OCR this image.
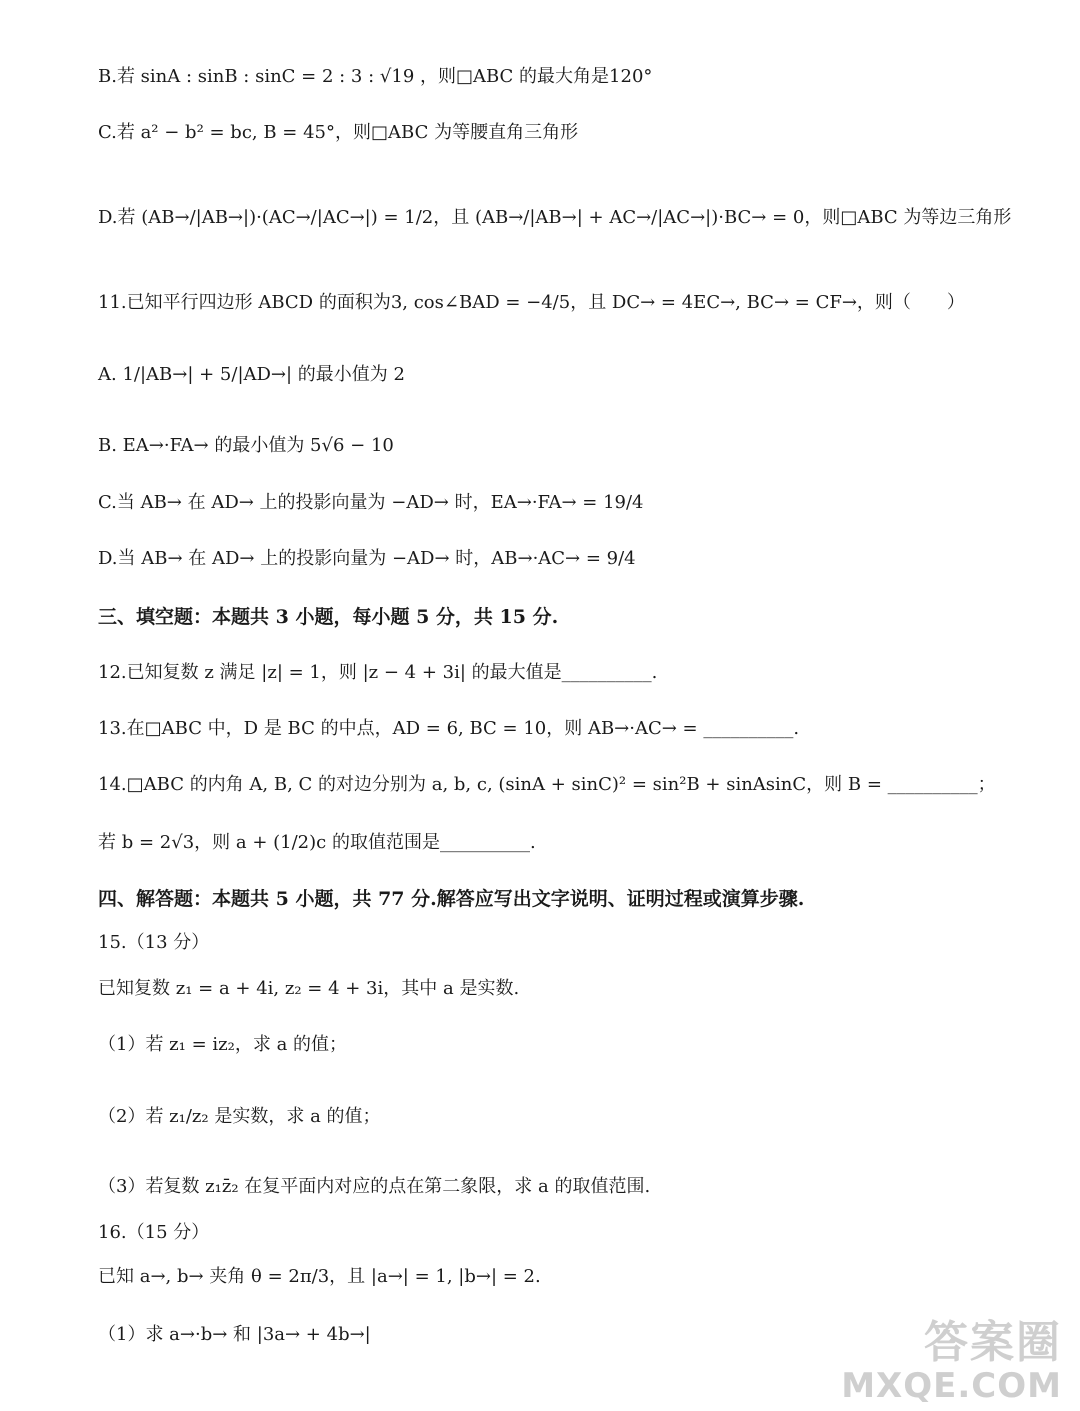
B.若 sinA : sinB : sinC = 2 : 3 : √19 ，则□ABC 的最大角是120°
C.若 a² − b² = bc, B = 45°，则□ABC 为等腰直角三角形
D.若 (AB→/|AB→|)·(AC→/|AC→|) = 1/2，且 (AB→/|AB→| + AC→/|AC→|)·BC→ = 0，则□ABC 为等边三角形
11.已知平行四边形 ABCD 的面积为3, cos∠BAD = −4/5，且 DC→ = 4EC→, BC→ = CF→，则（　　）
A. 1/|AB→| + 5/|AD→| 的最小值为 2
B. EA→·FA→ 的最小值为 5√6 − 10
C.当 AB→ 在 AD→ 上的投影向量为 −AD→ 时，EA→·FA→ = 19/4
D.当 AB→ 在 AD→ 上的投影向量为 −AD→ 时，AB→·AC→ = 9/4
三、填空题：本题共 3 小题，每小题 5 分，共 15 分.
12.已知复数 z 满足 |z| = 1，则 |z − 4 + 3i| 的最大值是__________.
13.在□ABC 中，D 是 BC 的中点，AD = 6, BC = 10，则 AB→·AC→ = __________.
14.□ABC 的内角 A, B, C 的对边分别为 a, b, c, (sinA + sinC)² = sin²B + sinAsinC，则 B = __________；
若 b = 2√3，则 a + (1/2)c 的取值范围是__________.
四、解答题：本题共 5 小题，共 77 分.解答应写出文字说明、证明过程或演算步骤.
15.（13 分）
已知复数 z₁ = a + 4i, z₂ = 4 + 3i，其中 a 是实数.
（1）若 z₁ = iz₂，求 a 的值；
（2）若 z₁/z₂ 是实数，求 a 的值；
（3）若复数 z₁z̄₂ 在复平面内对应的点在第二象限，求 a 的取值范围.
16.（15 分）
已知 a→, b→ 夹角 θ = 2π/3，且 |a→| = 1, |b→| = 2.
（1）求 a→·b→ 和 |3a→ + 4b→|	答案圈
MXQE.COM
